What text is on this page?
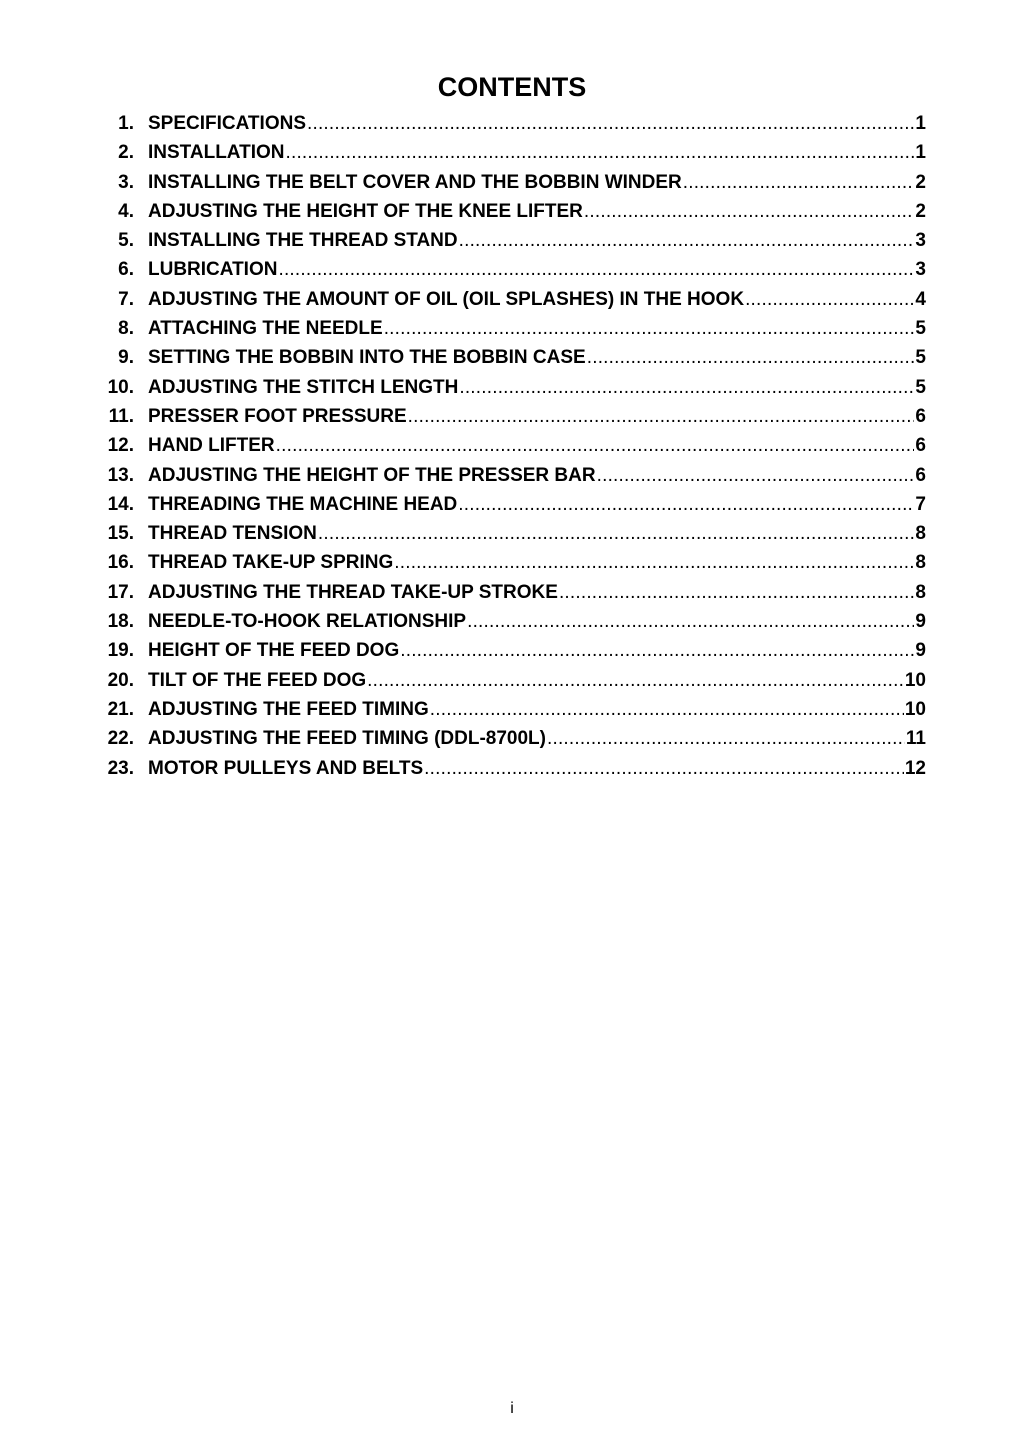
CONTENTS
1. SPECIFICATIONS .....	1
2. INSTALLATION .....	1
3. INSTALLING THE BELT COVER AND THE BOBBIN WINDER .....	2
4. ADJUSTING THE HEIGHT OF THE KNEE LIFTER .....	2
5. INSTALLING THE THREAD STAND .....	3
6. LUBRICATION .....	3
7. ADJUSTING THE AMOUNT OF OIL (OIL SPLASHES) IN THE HOOK .....	4
8. ATTACHING THE NEEDLE .....	5
9. SETTING THE BOBBIN INTO THE BOBBIN CASE .....	5
10. ADJUSTING THE STITCH LENGTH .....	5
11. PRESSER FOOT PRESSURE .....	6
12. HAND LIFTER .....	6
13. ADJUSTING THE HEIGHT OF THE PRESSER BAR .....	6
14. THREADING THE MACHINE HEAD .....	7
15. THREAD TENSION .....	8
16. THREAD TAKE-UP SPRING .....	8
17. ADJUSTING THE THREAD TAKE-UP STROKE .....	8
18. NEEDLE-TO-HOOK RELATIONSHIP .....	9
19. HEIGHT OF THE FEED DOG .....	9
20. TILT OF THE FEED DOG .....	10
21. ADJUSTING THE FEED TIMING .....	10
22. ADJUSTING THE FEED TIMING (DDL-8700L) .....	11
23. MOTOR PULLEYS AND BELTS .....	12
i
